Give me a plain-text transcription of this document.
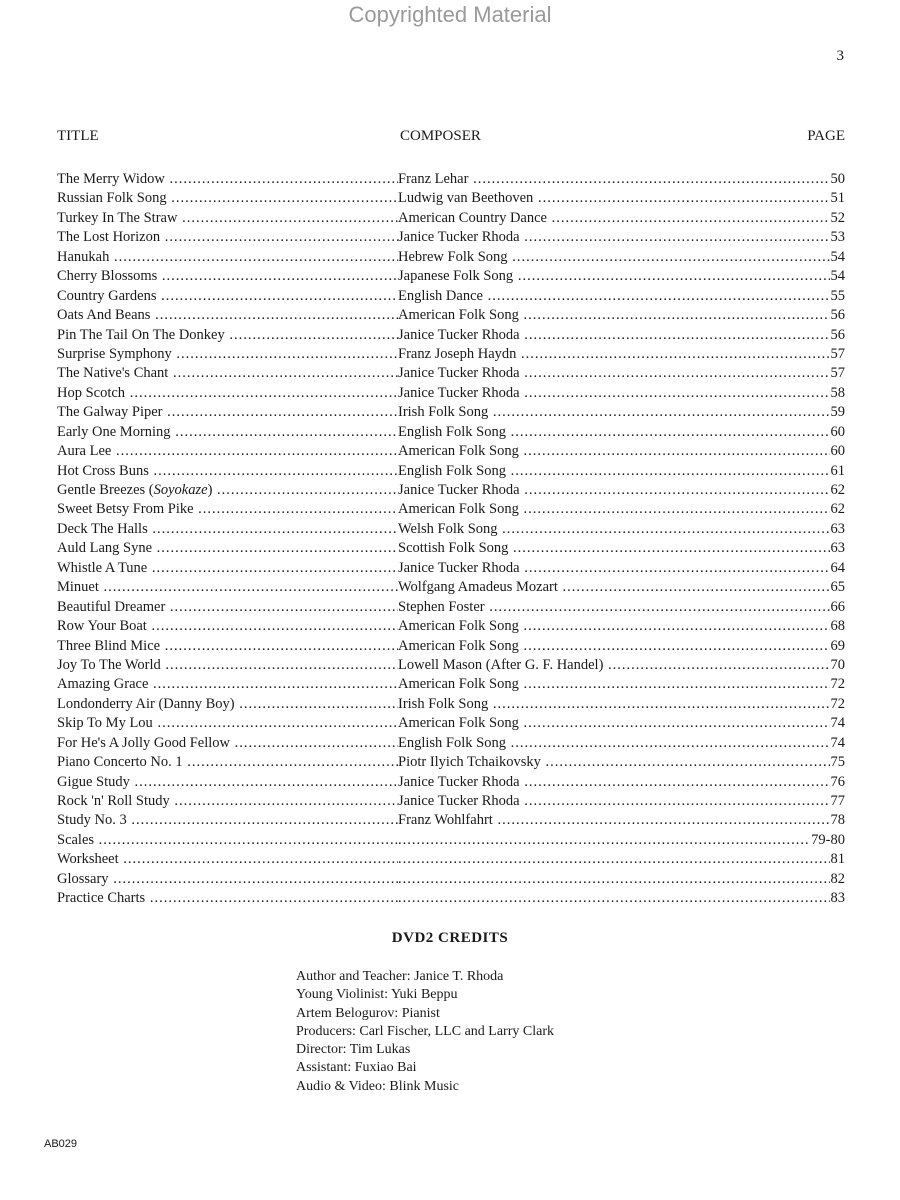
Copyrighted Material
3
TITLE	COMPOSER	PAGE
The Merry Widow .....	Franz Lehar .....	50
Russian Folk Song .....	Ludwig van Beethoven .....	51
Turkey In The Straw .....	American Country Dance .....	52
The Lost Horizon .....	Janice Tucker Rhoda .....	53
Hanukah .....	Hebrew Folk Song .....	54
Cherry Blossoms .....	Japanese Folk Song .....	54
Country Gardens .....	English Dance .....	55
Oats And Beans .....	American Folk Song .....	56
Pin The Tail On The Donkey .....	Janice Tucker Rhoda .....	56
Surprise Symphony .....	Franz Joseph Haydn .....	57
The Native's Chant .....	Janice Tucker Rhoda .....	57
Hop Scotch .....	Janice Tucker Rhoda .....	58
The Galway Piper .....	Irish Folk Song .....	59
Early One Morning .....	English Folk Song .....	60
Aura Lee .....	American Folk Song .....	60
Hot Cross Buns .....	English Folk Song .....	61
Gentle Breezes (Soyokaze) .....	Janice Tucker Rhoda .....	62
Sweet Betsy From Pike .....	American Folk Song .....	62
Deck The Halls .....	Welsh Folk Song .....	63
Auld Lang Syne .....	Scottish Folk Song .....	63
Whistle A Tune .....	Janice Tucker Rhoda .....	64
Minuet .....	Wolfgang Amadeus Mozart .....	65
Beautiful Dreamer .....	Stephen Foster .....	66
Row Your Boat .....	American Folk Song .....	68
Three Blind Mice .....	American Folk Song .....	69
Joy To The World .....	Lowell Mason (After G. F. Handel) .....	70
Amazing Grace .....	American Folk Song .....	72
Londonderry Air (Danny Boy) .....	Irish Folk Song .....	72
Skip To My Lou .....	American Folk Song .....	74
For He's A Jolly Good Fellow .....	English Folk Song .....	74
Piano Concerto No. 1 .....	Piotr Ilyich Tchaikovsky .....	75
Gigue Study .....	Janice Tucker Rhoda .....	76
Rock 'n' Roll Study .....	Janice Tucker Rhoda .....	77
Study No. 3 .....	Franz Wohlfahrt .....	78
Scales ..... .....	79-80
Worksheet ..... .....	81
Glossary ..... .....	82
Practice Charts ..... .....	83
DVD2 CREDITS
Author and Teacher: Janice T. Rhoda
Young Violinist: Yuki Beppu
Artem Belogurov: Pianist
Producers: Carl Fischer, LLC and Larry Clark
Director: Tim Lukas
Assistant: Fuxiao Bai
Audio & Video: Blink Music
AB029
